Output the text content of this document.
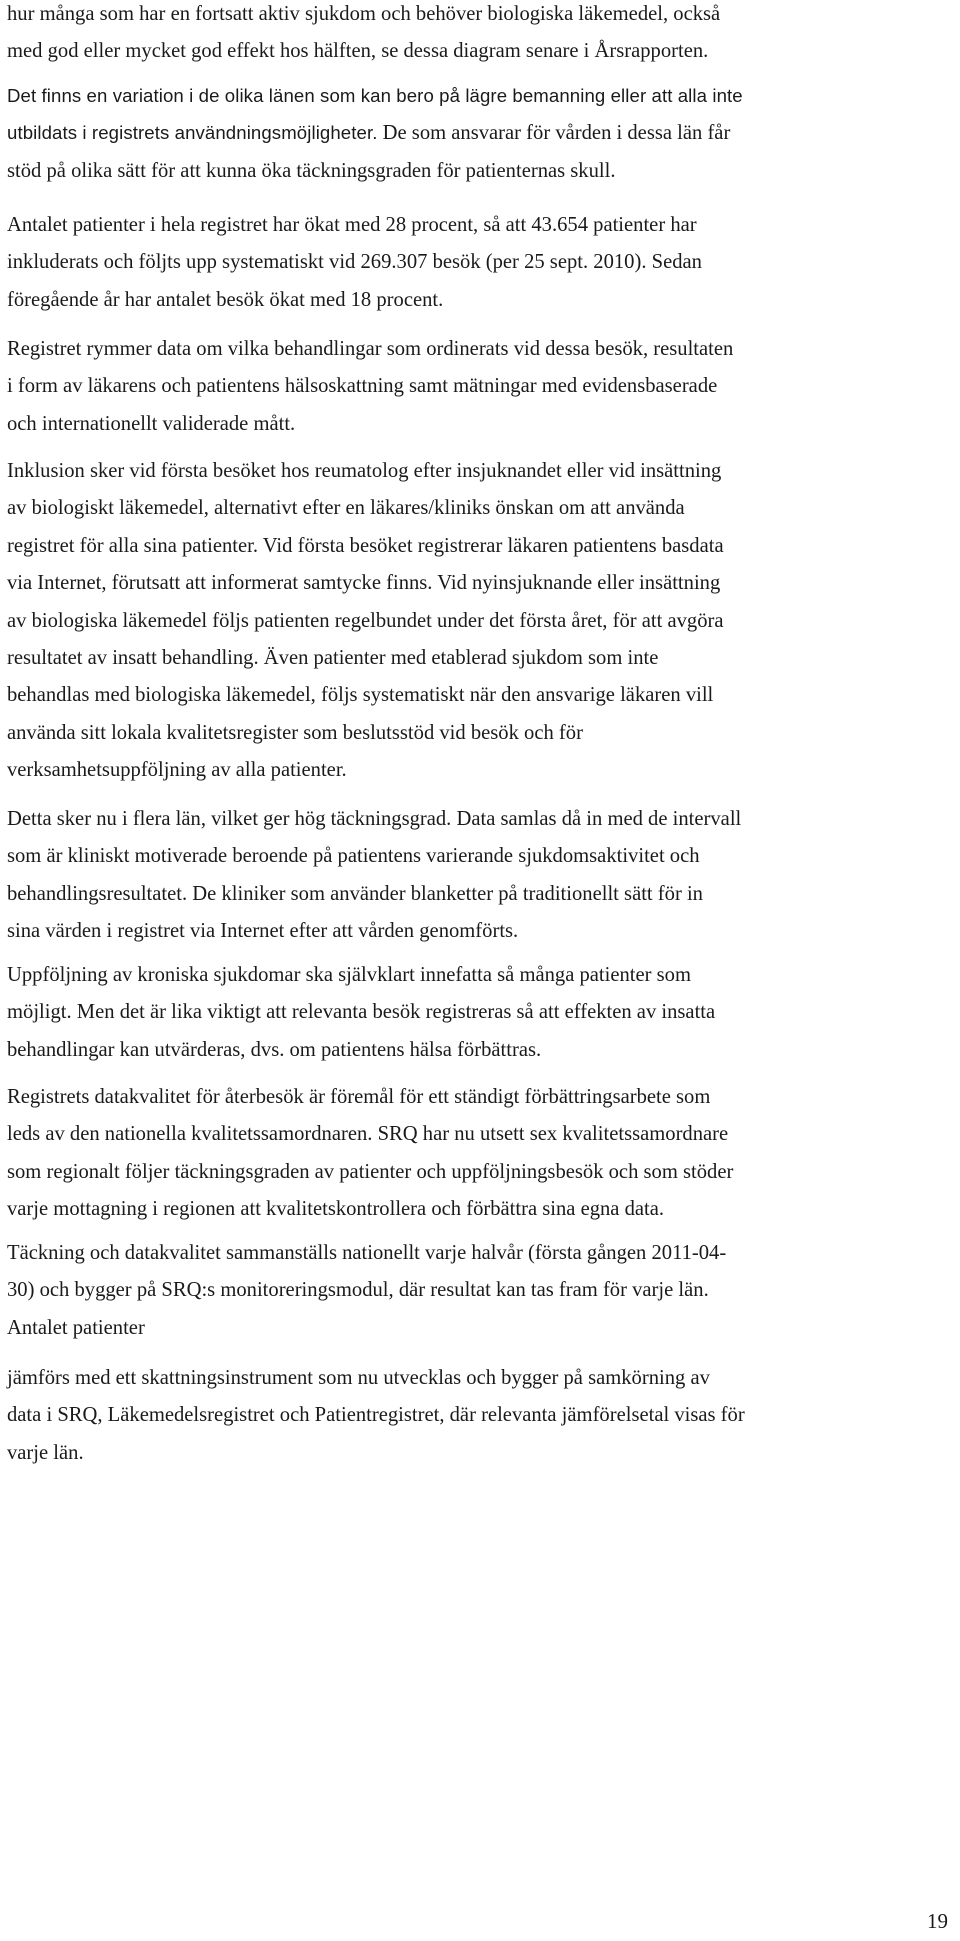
hur många som har en fortsatt aktiv sjukdom och behöver biologiska läkemedel, också
med god eller mycket god effekt hos hälften, se dessa diagram senare i Årsrapporten.

Det finns en variation i de olika länen som kan bero på lägre bemanning eller att alla inte
utbildats i registrets användningsmöjligheter. De som ansvarar för vården i dessa län får
stöd på olika sätt för att kunna öka täckningsgraden för patienternas skull.

Antalet patienter i hela registret har ökat med 28 procent, så att 43.654 patienter har
inkluderats och följts upp systematiskt vid 269.307 besök (per 25 sept. 2010). Sedan
föregående år har antalet besök ökat med 18 procent.

Registret rymmer data om vilka behandlingar som ordinerats vid dessa besök, resultaten
i form av läkarens och patientens hälsoskattning samt mätningar med evidensbaserade
och internationellt validerade mått.

Inklusion sker vid första besöket hos reumatolog efter insjuknandet eller vid insättning
av biologiskt läkemedel, alternativt efter en läkares/kliniks önskan om att använda
registret för alla sina patienter. Vid första besöket registrerar läkaren patientens basdata
via Internet, förutsatt att informerat samtycke finns. Vid nyinsjuknande eller insättning
av biologiska läkemedel följs patienten regelbundet under det första året, för att avgöra
resultatet av insatt behandling. Även patienter med etablerad sjukdom som inte
behandlas med biologiska läkemedel, följs systematiskt när den ansvarige läkaren vill
använda sitt lokala kvalitetsregister som beslutsstöd vid besök och för
verksamhetsuppföljning av alla patienter.

Detta sker nu i flera län, vilket ger hög täckningsgrad. Data samlas då in med de intervall
som är kliniskt motiverade beroende på patientens varierande sjukdomsaktivitet och
behandlingsresultatet. De kliniker som använder blanketter på traditionellt sätt för in
sina värden i registret via Internet efter att vården genomförts.

Uppföljning av kroniska sjukdomar ska självklart innefatta så många patienter som
möjligt. Men det är lika viktigt att relevanta besök registreras så att effekten av insatta
behandlingar kan utvärderas, dvs. om patientens hälsa förbättras.

Registrets datakvalitet för återbesök är föremål för ett ständigt förbättringsarbete som
leds av den nationella kvalitetssamordnaren. SRQ har nu utsett sex kvalitetssamordnare
som regionalt följer täckningsgraden av patienter och uppföljningsbesök och som stöder
varje mottagning i regionen att kvalitetskontrollera och förbättra sina egna data.

Täckning och datakvalitet sammanställs nationellt varje halvår (första gången 2011-04-
30) och bygger på SRQ:s monitoreringsmodul, där resultat kan tas fram för varje län.
Antalet patienter

jämförs med ett skattningsinstrument som nu utvecklas och bygger på samkörning av
data i SRQ, Läkemedelsregistret och Patientregistret, där relevanta jämförelsetal visas för
varje län.

19
